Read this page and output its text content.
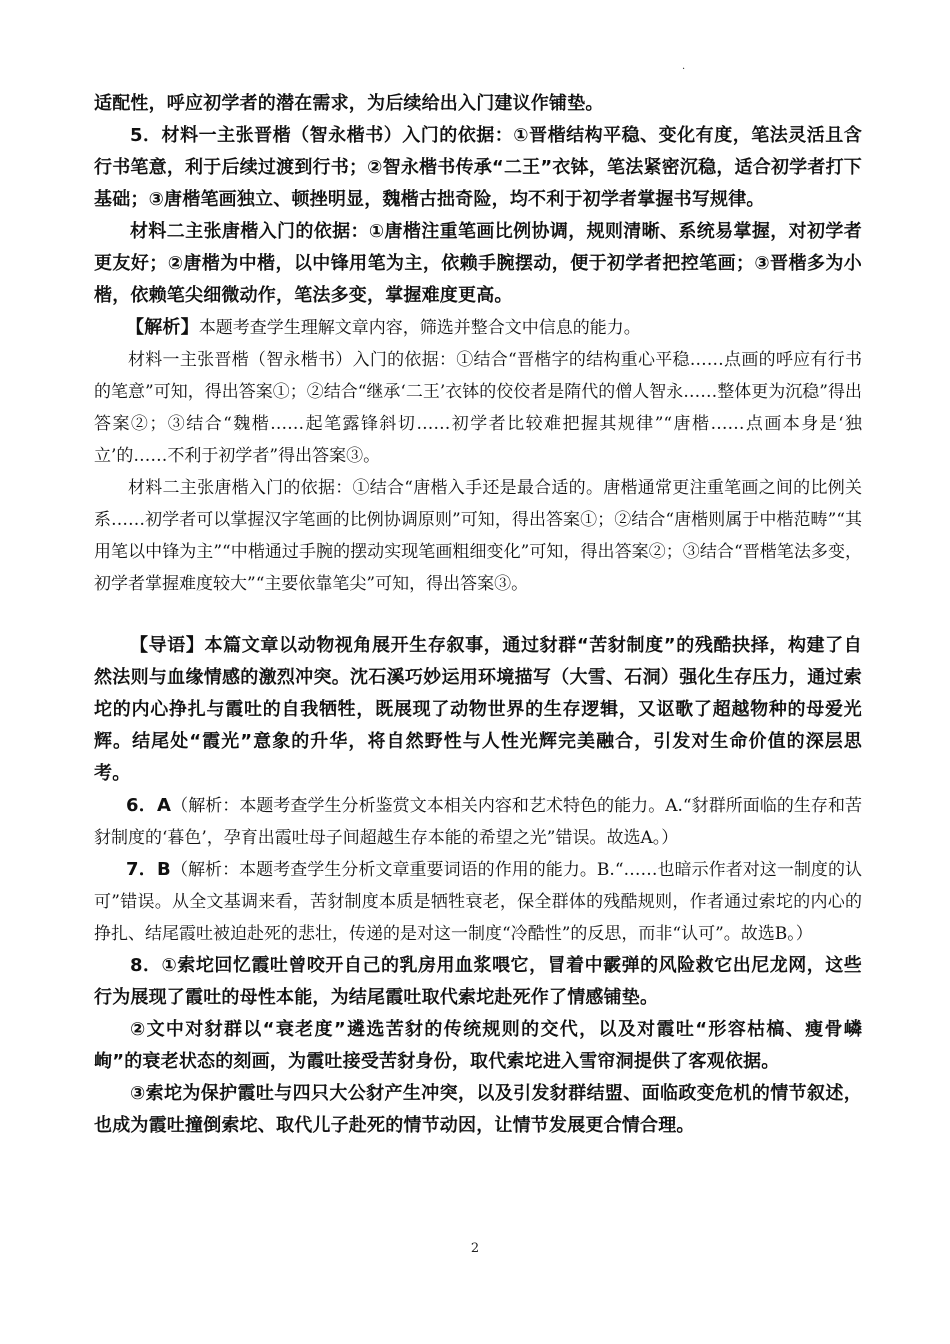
·

适配性，呼应初学者的潜在需求，为后续给出入门建议作铺垫。

5．材料一主张晋楷（智永楷书）入门的依据：①晋楷结构平稳、变化有度，笔法灵活且含行书笔意，利于后续过渡到行书；②智永楷书传承“二王”衣钵，笔法紧密沉稳，适合初学者打下基础；③唐楷笔画独立、顿挫明显，魏楷古拙奇险，均不利于初学者掌握书写规律。

材料二主张唐楷入门的依据：①唐楷注重笔画比例协调，规则清晰、系统易掌握，对初学者更友好；②唐楷为中楷，以中锋用笔为主，依赖手腕摆动，便于初学者把控笔画；③晋楷多为小楷，依赖笔尖细微动作，笔法多变，掌握难度更高。

【解析】本题考查学生理解文章内容，筛选并整合文中信息的能力。

材料一主张晋楷（智永楷书）入门的依据：①结合“晋楷字的结构重心平稳……点画的呼应有行书的笔意”可知，得出答案①；②结合“继承‘二王’衣钵的佼佼者是隋代的僧人智永……整体更为沉稳”得出答案②；③结合“魏楷……起笔露锋斜切……初学者比较难把握其规律”“唐楷……点画本身是‘独立’的……不利于初学者”得出答案③。

材料二主张唐楷入门的依据：①结合“唐楷入手还是最合适的。唐楷通常更注重笔画之间的比例关系……初学者可以掌握汉字笔画的比例协调原则”可知，得出答案①；②结合“唐楷则属于中楷范畴”“其用笔以中锋为主”“中楷通过手腕的摆动实现笔画粗细变化”可知，得出答案②；③结合“晋楷笔法多变，初学者掌握难度较大”“主要依靠笔尖”可知，得出答案③。

【导语】本篇文章以动物视角展开生存叙事，通过豺群“苦豺制度”的残酷抉择，构建了自然法则与血缘情感的激烈冲突。沈石溪巧妙运用环境描写（大雪、石洞）强化生存压力，通过索坨的内心挣扎与霞吐的自我牺牲，既展现了动物世界的生存逻辑，又讴歌了超越物种的母爱光辉。结尾处“霞光”意象的升华，将自然野性与人性光辉完美融合，引发对生命价值的深层思考。

6．A（解析：本题考查学生分析鉴赏文本相关内容和艺术特色的能力。A.“豺群所面临的生存和苦豺制度的‘暮色’，孕育出霞吐母子间超越生存本能的希望之光”错误。故选A。）

7．B（解析：本题考查学生分析文章重要词语的作用的能力。B.“……也暗示作者对这一制度的认可”错误。从全文基调来看，苦豺制度本质是牺牲衰老，保全群体的残酷规则，作者通过索坨的内心的挣扎、结尾霞吐被迫赴死的悲壮，传递的是对这一制度“冷酷性”的反思，而非“认可”。故选B。）

8．①索坨回忆霞吐曾咬开自己的乳房用血浆喂它，冒着中霰弹的风险救它出尼龙网，这些行为展现了霞吐的母性本能，为结尾霞吐取代索坨赴死作了情感铺垫。

②文中对豺群以“衰老度”遴选苦豺的传统规则的交代，以及对霞吐“形容枯槁、瘦骨嶙峋”的衰老状态的刻画，为霞吐接受苦豺身份，取代索坨进入雪帘洞提供了客观依据。

③索坨为保护霞吐与四只大公豺产生冲突，以及引发豺群结盟、面临政变危机的情节叙述，也成为霞吐撞倒索坨、取代儿子赴死的情节动因，让情节发展更合情合理。

2
